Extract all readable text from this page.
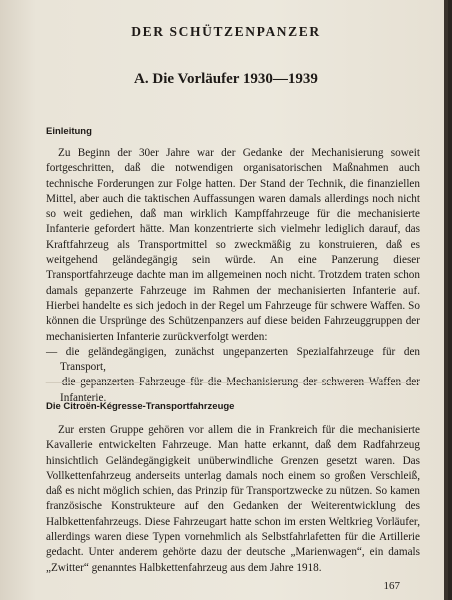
DER SCHÜTZENPANZER
A. Die Vorläufer 1930—1939
Einleitung

Zu Beginn der 30er Jahre war der Gedanke der Mechanisierung soweit fortgeschritten, daß die notwendigen organisatorischen Maßnahmen auch technische Forderungen zur Folge hatten. Der Stand der Technik, die finanziellen Mittel, aber auch die taktischen Auffassungen waren damals allerdings noch nicht so weit gediehen, daß man wirklich Kampffahrzeuge für die mechanisierte Infanterie gefordert hätte. Man konzentrierte sich vielmehr lediglich darauf, das Kraftfahrzeug als Transportmittel so zweckmäßig zu konstruieren, daß es weitgehend geländegängig sein würde. An eine Panzerung dieser Transportfahrzeuge dachte man im allgemeinen noch nicht. Trotzdem traten schon damals gepanzerte Fahrzeuge im Rahmen der mechanisierten Infanterie auf. Hierbei handelte es sich jedoch in der Regel um Fahrzeuge für schwere Waffen. So können die Ursprünge des Schützenpanzers auf diese beiden Fahrzeuggruppen der mechanisierten Infanterie zurückverfolgt werden:

— die geländegängigen, zunächst ungepanzerten Spezialfahrzeuge für den Transport,
— die gepanzerten Fahrzeuge für die Mechanisierung der schweren Waffen der Infanterie.
Die Citroën-Kégresse-Transportfahrzeuge

Zur ersten Gruppe gehören vor allem die in Frankreich für die mechanisierte Kavallerie entwickelten Fahrzeuge. Man hatte erkannt, daß dem Radfahrzeug hinsichtlich Geländegängigkeit unüberwindliche Grenzen gesetzt waren. Das Vollkettenfahrzeug anderseits unterlag damals noch einem so großen Verschleiß, daß es nicht möglich schien, das Prinzip für Transportzwecke zu nützen. So kamen französische Konstrukteure auf den Gedanken der Weiterentwicklung des Halbkettenfahrzeugs. Diese Fahrzeugart hatte schon im ersten Weltkrieg Vorläufer, allerdings waren diese Typen vornehmlich als Selbstfahrlafetten für die Artillerie gedacht. Unter anderem gehörte dazu der deutsche „Marienwagen“, ein damals „Zwitter“ genanntes Halbkettenfahrzeug aus dem Jahre 1918.

167
